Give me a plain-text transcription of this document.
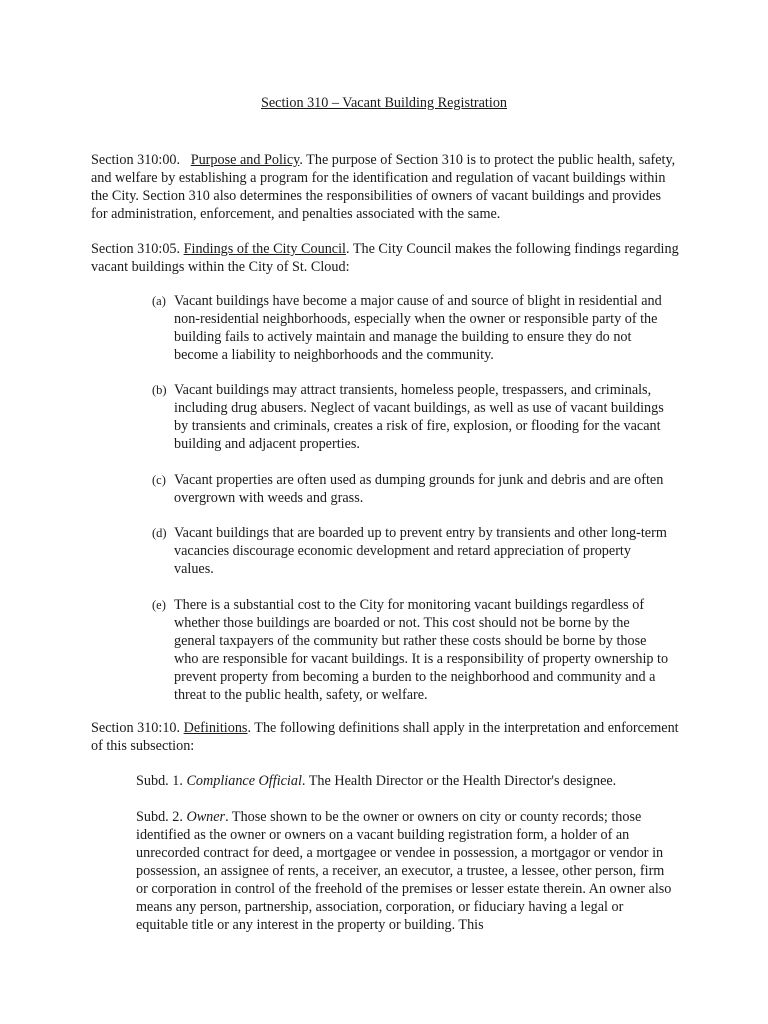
Section 310 – Vacant Building Registration

Section 310:00. Purpose and Policy. The purpose of Section 310 is to protect the public health, safety, and welfare by establishing a program for the identification and regulation of vacant buildings within the City. Section 310 also determines the responsibilities of owners of vacant buildings and provides for administration, enforcement, and penalties associated with the same.

Section 310:05. Findings of the City Council. The City Council makes the following findings regarding vacant buildings within the City of St. Cloud:

(a) Vacant buildings have become a major cause of and source of blight in residential and non-residential neighborhoods, especially when the owner or responsible party of the building fails to actively maintain and manage the building to ensure they do not become a liability to neighborhoods and the community.

(b) Vacant buildings may attract transients, homeless people, trespassers, and criminals, including drug abusers. Neglect of vacant buildings, as well as use of vacant buildings by transients and criminals, creates a risk of fire, explosion, or flooding for the vacant building and adjacent properties.

(c) Vacant properties are often used as dumping grounds for junk and debris and are often overgrown with weeds and grass.

(d) Vacant buildings that are boarded up to prevent entry by transients and other long-term vacancies discourage economic development and retard appreciation of property values.

(e) There is a substantial cost to the City for monitoring vacant buildings regardless of whether those buildings are boarded or not. This cost should not be borne by the general taxpayers of the community but rather these costs should be borne by those who are responsible for vacant buildings. It is a responsibility of property ownership to prevent property from becoming a burden to the neighborhood and community and a threat to the public health, safety, or welfare.

Section 310:10. Definitions. The following definitions shall apply in the interpretation and enforcement of this subsection:

Subd. 1. Compliance Official. The Health Director or the Health Director's designee.

Subd. 2. Owner. Those shown to be the owner or owners on city or county records; those identified as the owner or owners on a vacant building registration form, a holder of an unrecorded contract for deed, a mortgagee or vendee in possession, a mortgagor or vendor in possession, an assignee of rents, a receiver, an executor, a trustee, a lessee, other person, firm or corporation in control of the freehold of the premises or lesser estate therein. An owner also means any person, partnership, association, corporation, or fiduciary having a legal or equitable title or any interest in the property or building. This
